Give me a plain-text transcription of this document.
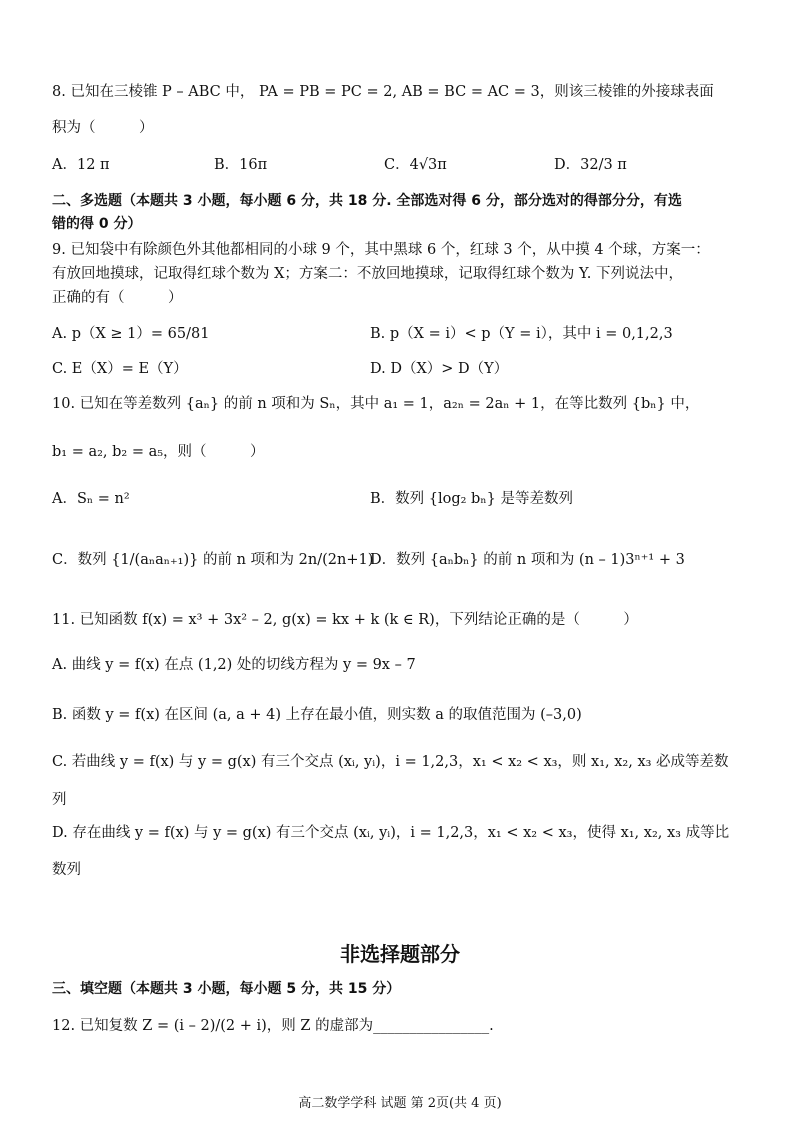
8. 已知在三棱锥 P – ABC 中， PA = PB = PC = 2, AB = BC = AC = 3，则该三棱锥的外接球表面
积为（　　　）
A．12 π	B．16π	C．4√3π	D．32/3 π
二、多选题（本题共 3 小题，每小题 6 分，共 18 分. 全部选对得 6 分，部分选对的得部分分，有选
错的得 0 分）
9. 已知袋中有除颜色外其他都相同的小球 9 个，其中黑球 6 个，红球 3 个，从中摸 4 个球，方案一：
有放回地摸球，记取得红球个数为 X；方案二：不放回地摸球，记取得红球个数为 Y. 下列说法中，
正确的有（　　　）
A. p（X ≥ 1）= 65/81	B. p（X = i）< p（Y = i），其中 i = 0,1,2,3
C. E（X）= E（Y）	D. D（X）> D（Y）
10. 已知在等差数列 {aₙ} 的前 n 项和为 Sₙ，其中 a₁ = 1，a₂ₙ = 2aₙ + 1，在等比数列 {bₙ} 中，
b₁ = a₂, b₂ = a₅，则（　　　）
A．Sₙ = n²	B．数列 {log₂ bₙ} 是等差数列
C．数列 {1/(aₙaₙ₊₁)} 的前 n 项和为 2n/(2n+1)
D．数列 {aₙbₙ} 的前 n 项和为 (n – 1)3ⁿ⁺¹ + 3
11. 已知函数 f(x) = x³ + 3x² – 2, g(x) = kx + k (k ∈ R)，下列结论正确的是（　　　）
A. 曲线 y = f(x) 在点 (1,2) 处的切线方程为 y = 9x – 7
B. 函数 y = f(x) 在区间 (a, a + 4) 上存在最小值，则实数 a 的取值范围为 (–3,0)
C. 若曲线 y = f(x) 与 y = g(x) 有三个交点 (xᵢ, yᵢ)，i = 1,2,3，x₁ < x₂ < x₃，则 x₁, x₂, x₃ 必成等差数
列
D. 存在曲线 y = f(x) 与 y = g(x) 有三个交点 (xᵢ, yᵢ)，i = 1,2,3，x₁ < x₂ < x₃，使得 x₁, x₂, x₃ 成等比
数列
非选择题部分
三、填空题（本题共 3 小题，每小题 5 分，共 15 分）
12. 已知复数 Z = (i – 2)/(2 + i)，则 Z 的虚部为________________.
高二数学学科 试题 第 2页(共 4 页)
